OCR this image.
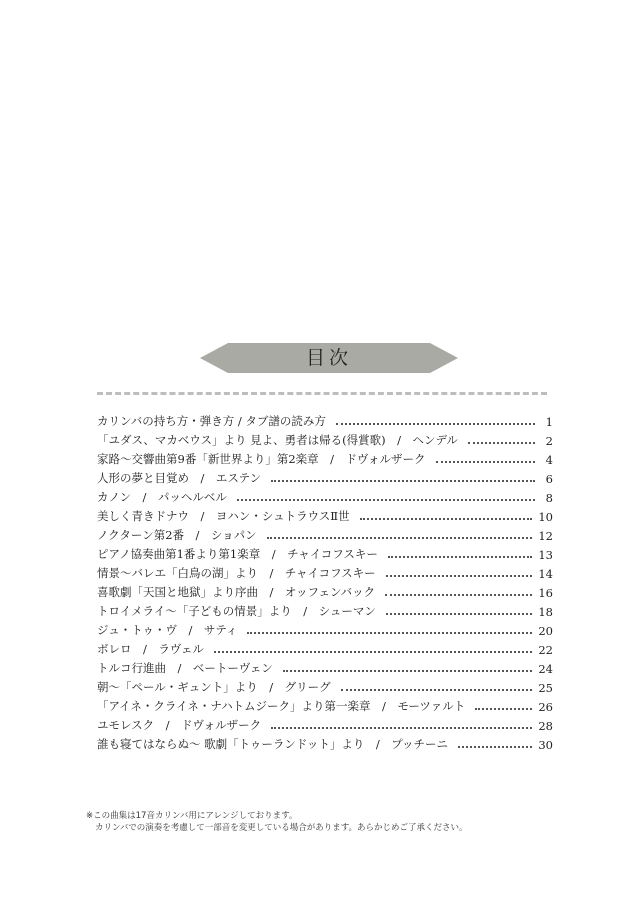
目次
カリンバの持ち方・弾き方 / タブ譜の読み方	1
「ユダス、マカベウス」より 見よ、勇者は帰る(得賞歌)　/　ヘンデル	2
家路〜交響曲第9番「新世界より」第2楽章　/　ドヴォルザーク	4
人形の夢と目覚め　/　エステン	6
カノン　/　パッヘルベル	8
美しく青きドナウ　/　ヨハン・シュトラウスⅡ世	10
ノクターン第2番　/　ショパン	12
ピアノ協奏曲第1番より第1楽章　/　チャイコフスキー	13
情景〜バレエ「白鳥の湖」より　/　チャイコフスキー	14
喜歌劇「天国と地獄」より序曲　/　オッフェンバック	16
トロイメライ〜「子どもの情景」より　/　シューマン	18
ジュ・トゥ・ヴ　/　サティ	20
ボレロ　/　ラヴェル	22
トルコ行進曲　/　ベートーヴェン	24
朝〜「ペール・ギュント」より　/　グリーグ	25
「アイネ・クライネ・ナハトムジーク」より第一楽章　/　モーツァルト	26
ユモレスク　/　ドヴォルザーク	28
誰も寝てはならぬ〜 歌劇「トゥーランドット」より　/　プッチーニ	30
※この曲集は17音カリンバ用にアレンジしております。
カリンバでの演奏を考慮して一部音を変更している場合があります。あらかじめご了承ください。
